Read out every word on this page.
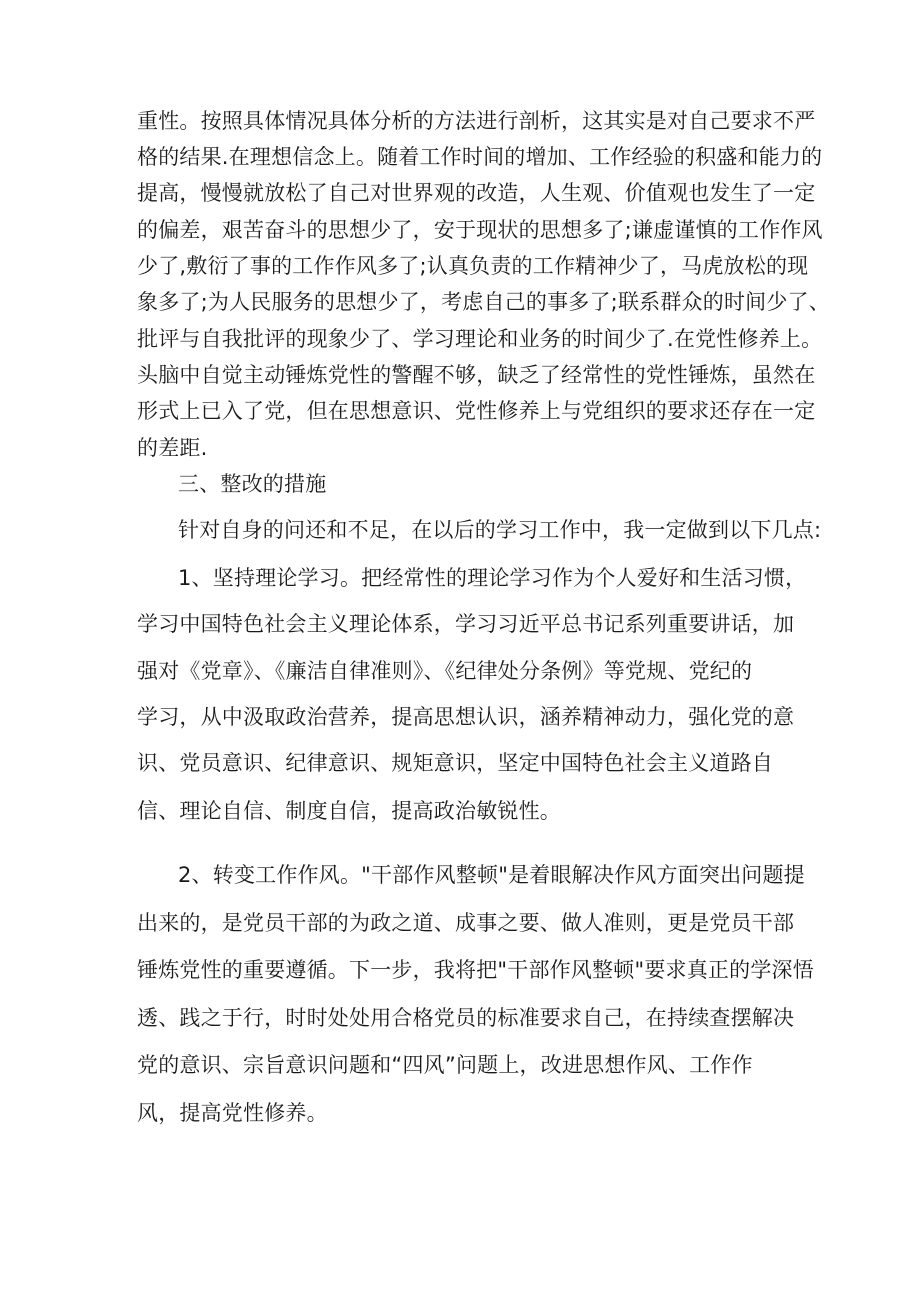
重性。按照具体情况具体分析的方法进行剖析，这其实是对自己要求不严
格的结果.在理想信念上。随着工作时间的增加、工作经验的积盛和能力的
提高，慢慢就放松了自己对世界观的改造，人生观、价值观也发生了一定
的偏差，艰苦奋斗的思想少了，安于现状的思想多了;谦虚谨慎的工作作风
少了,敷衍了事的工作作风多了;认真负责的工作精神少了，马虎放松的现
象多了;为人民服务的思想少了，考虑自己的事多了;联系群众的时间少了、
批评与自我批评的现象少了、学习理论和业务的时间少了.在党性修养上。
头脑中自觉主动锤炼党性的警醒不够，缺乏了经常性的党性锤炼，虽然在
形式上已入了党，但在思想意识、党性修养上与党组织的要求还存在一定
的差距.
三、整改的措施
针对自身的问还和不足，在以后的学习工作中，我一定做到以下几点:
1、坚持理论学习。把经常性的理论学习作为个人爱好和生活习惯，
学习中国特色社会主义理论体系，学习习近平总书记系列重要讲话，加
强对《党章》、《廉洁自律准则》、《纪律处分条例》等党规、党纪的
学习，从中汲取政治营养，提高思想认识，涵养精神动力，强化党的意
识、党员意识、纪律意识、规矩意识，坚定中国特色社会主义道路自
信、理论自信、制度自信，提高政治敏锐性。
2、转变工作作风。"干部作风整顿"是着眼解决作风方面突出问题提
出来的，是党员干部的为政之道、成事之要、做人准则，更是党员干部
锤炼党性的重要遵循。下一步，我将把"干部作风整顿"要求真正的学深悟
透、践之于行，时时处处用合格党员的标准要求自己，在持续查摆解决
党的意识、宗旨意识问题和“四风”问题上，改进思想作风、工作作
风，提高党性修养。
